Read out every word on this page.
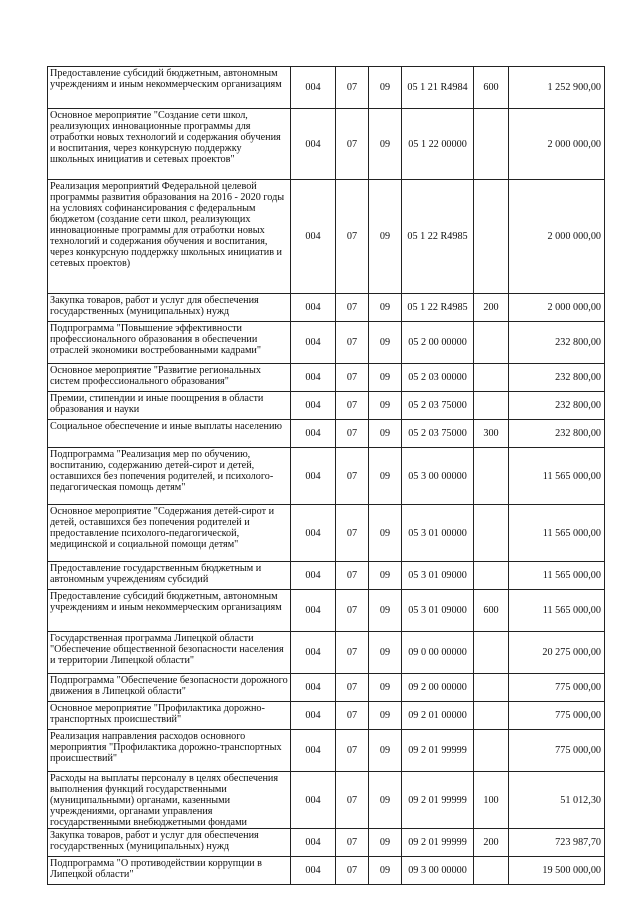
Предоставление субсидий бюджетным, автономным учреждениям и иным некоммерческим организациям	004	07	09	05 1 21 R4984	600	1 252 900,00
Основное мероприятие "Создание сети школ, реализующих инновационные программы для отработки новых технологий и содержания обучения и воспитания, через конкурсную поддержку школьных инициатив и сетевых проектов"	004	07	09	05 1 22 00000		2 000 000,00
Реализация мероприятий Федеральной целевой программы развития образования на 2016 - 2020 годы на условиях софинансирования с федеральным бюджетом (создание сети школ, реализующих инновационные программы для отработки новых технологий и содержания обучения и воспитания, через конкурсную поддержку школьных инициатив и сетевых проектов)	004	07	09	05 1 22 R4985		2 000 000,00
Закупка товаров, работ и услуг для обеспечения государственных (муниципальных) нужд	004	07	09	05 1 22 R4985	200	2 000 000,00
Подпрограмма "Повышение эффективности профессионального образования в обеспечении отраслей экономики востребованными кадрами"	004	07	09	05 2 00 00000		232 800,00
Основное мероприятие "Развитие региональных систем профессионального образования"	004	07	09	05 2 03 00000		232 800,00
Премии, стипендии и иные поощрения в области образования и науки	004	07	09	05 2 03 75000		232 800,00
Социальное обеспечение и иные выплаты населению	004	07	09	05 2 03 75000	300	232 800,00
Подпрограмма "Реализация мер по обучению, воспитанию, содержанию детей-сирот и детей, оставшихся без попечения родителей, и психолого-педагогическая помощь детям"	004	07	09	05 3 00 00000		11 565 000,00
Основное мероприятие "Содержания детей-сирот и детей, оставшихся без попечения родителей и предоставление психолого-педагогической, медицинской и социальной помощи детям"	004	07	09	05 3 01 00000		11 565 000,00
Предоставление государственным бюджетным и автономным учреждениям субсидий	004	07	09	05 3 01 09000		11 565 000,00
Предоставление субсидий бюджетным, автономным учреждениям и иным некоммерческим организациям	004	07	09	05 3 01 09000	600	11 565 000,00
Государственная программа Липецкой области "Обеспечение общественной безопасности населения и территории Липецкой области"	004	07	09	09 0 00 00000		20 275 000,00
Подпрограмма "Обеспечение безопасности дорожного движения в Липецкой области"	004	07	09	09 2 00 00000		775 000,00
Основное мероприятие "Профилактика дорожно-транспортных происшествий"	004	07	09	09 2 01 00000		775 000,00
Реализация направления расходов основного мероприятия "Профилактика дорожно-транспортных происшествий"	004	07	09	09 2 01 99999		775 000,00
Расходы на выплаты персоналу в целях обеспечения выполнения функций государственными (муниципальными) органами, казенными учреждениями, органами управления государственными внебюджетными фондами	004	07	09	09 2 01 99999	100	51 012,30
Закупка товаров, работ и услуг для обеспечения государственных (муниципальных) нужд	004	07	09	09 2 01 99999	200	723 987,70
Подпрограмма "О противодействии коррупции в Липецкой области"	004	07	09	09 3 00 00000		19 500 000,00
